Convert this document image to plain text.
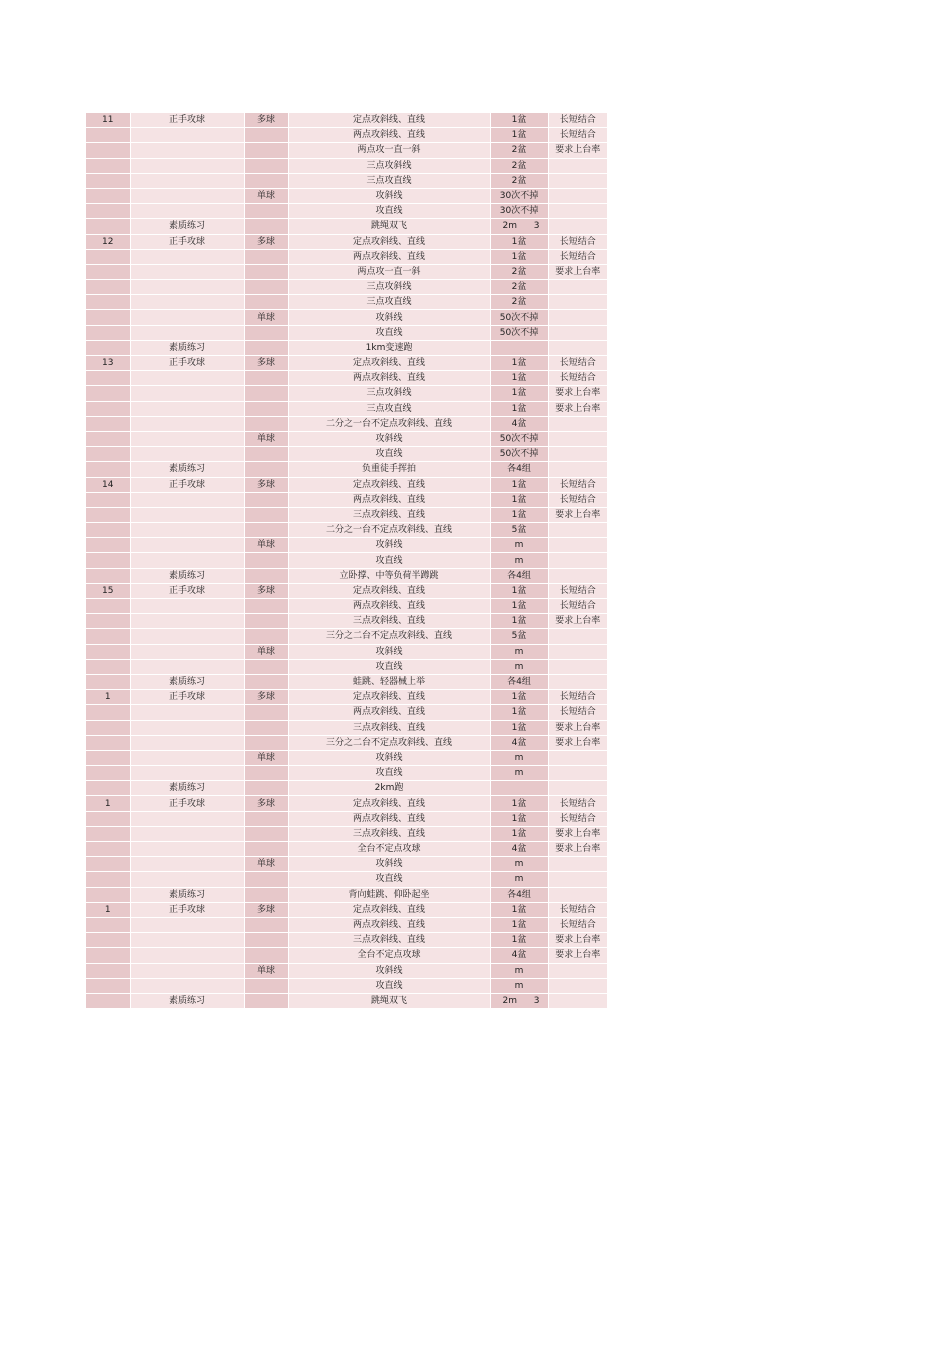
11	正手攻球	多球	定点攻斜线、直线	1盆	长短结合
			两点攻斜线、直线	1盆	长短结合
			两点攻一直一斜	2盆	要求上台率
			三点攻斜线	2盆	
			三点攻直线	2盆	
		单球	攻斜线	30次不掉	
			攻直线	30次不掉	
	素质练习		跳绳双飞	2m 3	

12	正手攻球	多球	定点攻斜线、直线	1盆	长短结合
			两点攻斜线、直线	1盆	长短结合
			两点攻一直一斜	2盆	要求上台率
			三点攻斜线	2盆	
			三点攻直线	2盆	
		单球	攻斜线	50次不掉	
			攻直线	50次不掉	
	素质练习		1km变速跑		
13	正手攻球	多球	定点攻斜线、直线	1盆	长短结合
			两点攻斜线、直线	1盆	长短结合
			三点攻斜线	1盆	要求上台率
			三点攻直线	1盆	要求上台率
			二分之一台不定点攻斜线、直线	4盆	
		单球	攻斜线	50次不掉	
			攻直线	50次不掉	
	素质练习		负重徒手挥拍	各4组	
14	正手攻球	多球	定点攻斜线、直线	1盆	长短结合
			两点攻斜线、直线	1盆	长短结合
			三点攻斜线、直线	1盆	要求上台率
			二分之一台不定点攻斜线、直线	5盆	
		单球	攻斜线	m	
			攻直线	m	
	素质练习		立卧撑、中等负荷半蹲跳	各4组	
15	正手攻球	多球	定点攻斜线、直线	1盆	长短结合
			两点攻斜线、直线	1盆	长短结合
			三点攻斜线、直线	1盆	要求上台率
			三分之二台不定点攻斜线、直线	5盆	
		单球	攻斜线	m	
			攻直线	m	
	素质练习		蛙跳、轻器械上举	各4组	
1	正手攻球	多球	定点攻斜线、直线	1盆	长短结合
			两点攻斜线、直线	1盆	长短结合
			三点攻斜线、直线	1盆	要求上台率
			三分之二台不定点攻斜线、直线	4盆	要求上台率
		单球	攻斜线	m	
			攻直线	m	
	素质练习		2km跑		
1	正手攻球	多球	定点攻斜线、直线	1盆	长短结合
			两点攻斜线、直线	1盆	长短结合
			三点攻斜线、直线	1盆	要求上台率
			全台不定点攻球	4盆	要求上台率
		单球	攻斜线	m	
			攻直线	m	
	素质练习		背向蛙跳、仰卧起坐	各4组	
1	正手攻球	多球	定点攻斜线、直线	1盆	长短结合
			两点攻斜线、直线	1盆	长短结合
			三点攻斜线、直线	1盆	要求上台率
			全台不定点攻球	4盆	要求上台率
		单球	攻斜线	m	
			攻直线	m	
	素质练习		跳绳双飞	2m 3	
